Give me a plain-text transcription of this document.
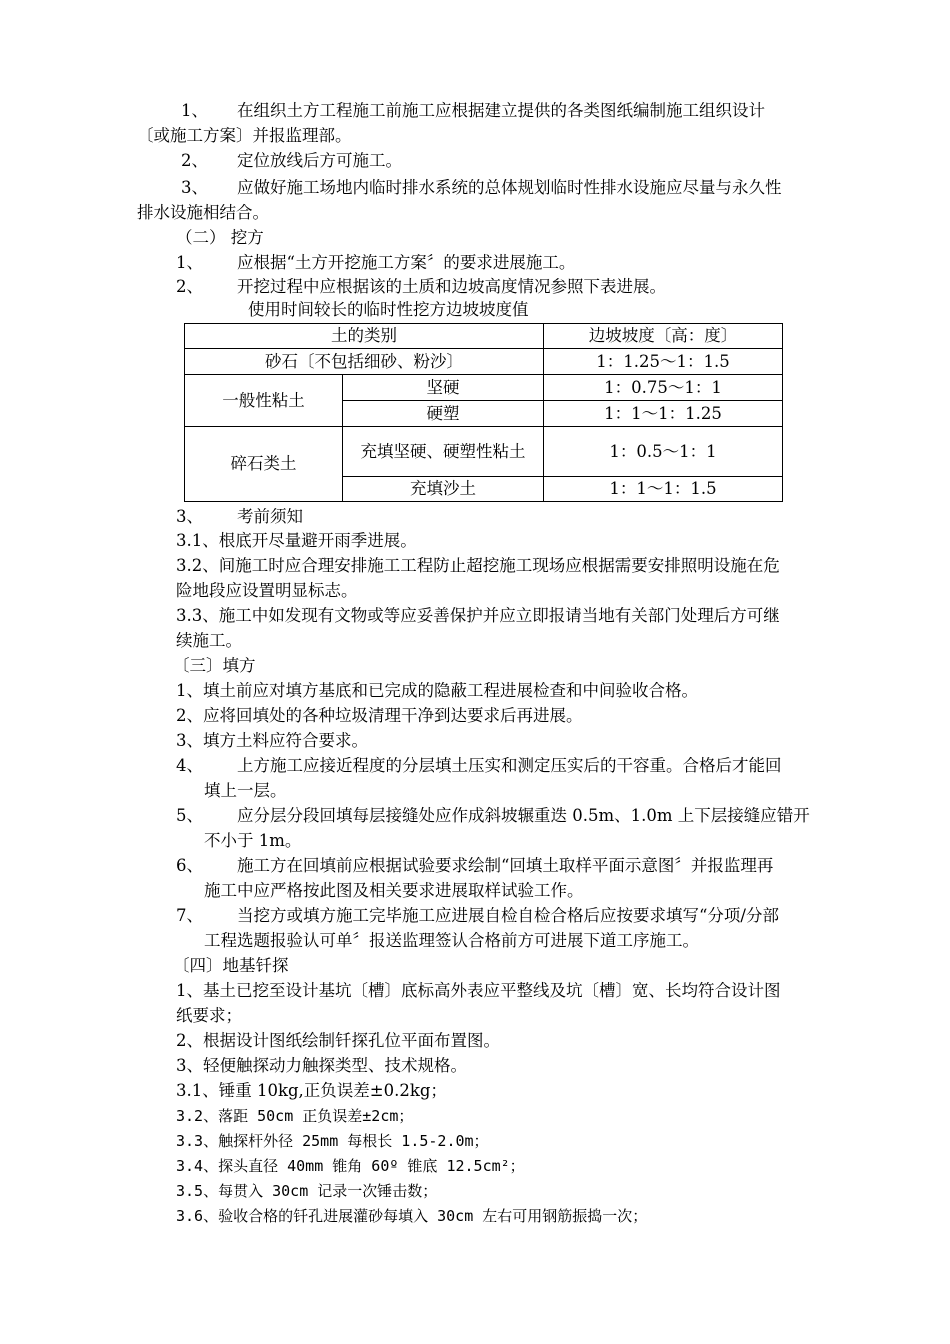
1、 在组织土方工程施工前施工应根据建立提供的各类图纸编制施工组织设计
〔或施工方案〕并报监理部。
2、 定位放线后方可施工。
3、 应做好施工场地内临时排水系统的总体规划临时性排水设施应尽量与永久性
排水设施相结合。
（二） 挖方
1、 应根据“土方开挖施工方案〞的要求进展施工。
2、 开挖过程中应根据该的土质和边坡高度情况参照下表进展。
使用时间较长的临时性挖方边坡坡度值
土的类别		边坡坡度〔高：度〕
砂石〔不包括细砂、粉沙〕		1：1.25～1：1.5
一般性粘土	坚硬	1：0.75～1：1
	硬塑	1：1～1：1.25
碎石类土	充填坚硬、硬塑性粘土	1：0.5～1：1
	充填沙土	1：1～1：1.5
3、 考前须知
3.1、根底开尽量避开雨季进展。
3.2、间施工时应合理安排施工工程防止超挖施工现场应根据需要安排照明设施在危
险地段应设置明显标志。
3.3、施工中如发现有文物或等应妥善保护并应立即报请当地有关部门处理后方可继
续施工。
〔三〕填方
1、填土前应对填方基底和已完成的隐蔽工程进展检查和中间验收合格。
2、应将回填处的各种垃圾清理干净到达要求后再进展。
3、填方土料应符合要求。
4、 上方施工应接近程度的分层填土压实和测定压实后的干容重。合格后才能回
填上一层。
5、 应分层分段回填每层接缝处应作成斜坡辗重迭 0.5m、1.0m 上下层接缝应错开
不小于 1m。
6、 施工方在回填前应根据试验要求绘制“回填土取样平面示意图〞并报监理再
施工中应严格按此图及相关要求进展取样试验工作。
7、 当挖方或填方施工完毕施工应进展自检自检合格后应按要求填写“分项/分部
工程选题报验认可单〞报送监理签认合格前方可进展下道工序施工。
〔四〕地基钎探
1、基土已挖至设计基坑〔槽〕底标高外表应平整线及坑〔槽〕宽、长均符合设计图
纸要求；
2、根据设计图纸绘制钎探孔位平面布置图。
3、轻便触探动力触探类型、技术规格。
3.1、锤重 10kg,正负误差±0.2kg；
3.2、落距 50cm 正负误差±2cm；
3.3、触探杆外径 25mm 每根长 1.5-2.0m；
3.4、探头直径 40mm 锥角 60º 锥底 12.5cm²；
3.5、每贯入 30cm 记录一次锤击数；
3.6、验收合格的钎孔进展灌砂每填入 30cm 左右可用钢筋振捣一次；
